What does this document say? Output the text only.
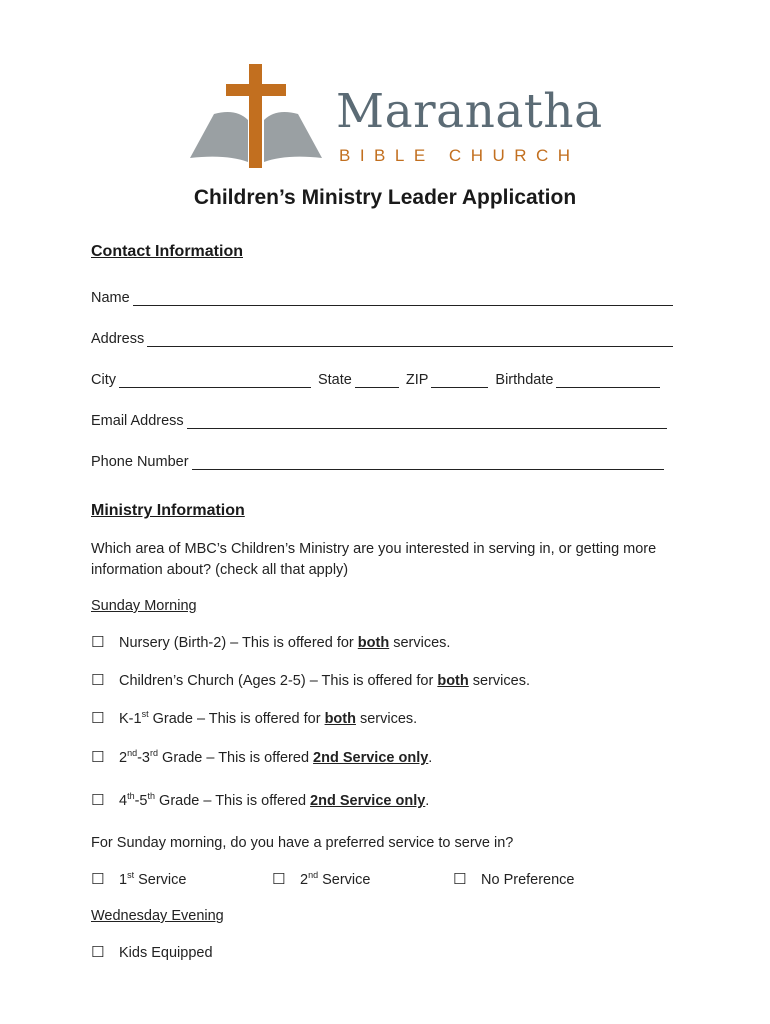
Maranatha
BIBLE CHURCH
Children’s Ministry Leader Application
Contact Information
Name
Address
City	State	ZIP	Birthdate
Email Address
Phone Number
Ministry Information
Which area of MBC’s Children’s Ministry are you interested in serving in, or getting more information about? (check all that apply)
Sunday Morning
☐ Nursery (Birth-2) – This is offered for both services.
☐ Children’s Church (Ages 2-5) – This is offered for both services.
☐ K-1st Grade – This is offered for both services.
☐ 2nd-3rd Grade – This is offered 2nd Service only.
☐ 4th-5th Grade – This is offered 2nd Service only.
For Sunday morning, do you have a preferred service to serve in?
☐ 1st Service	☐ 2nd Service	☐ No Preference
Wednesday Evening
☐ Kids Equipped
